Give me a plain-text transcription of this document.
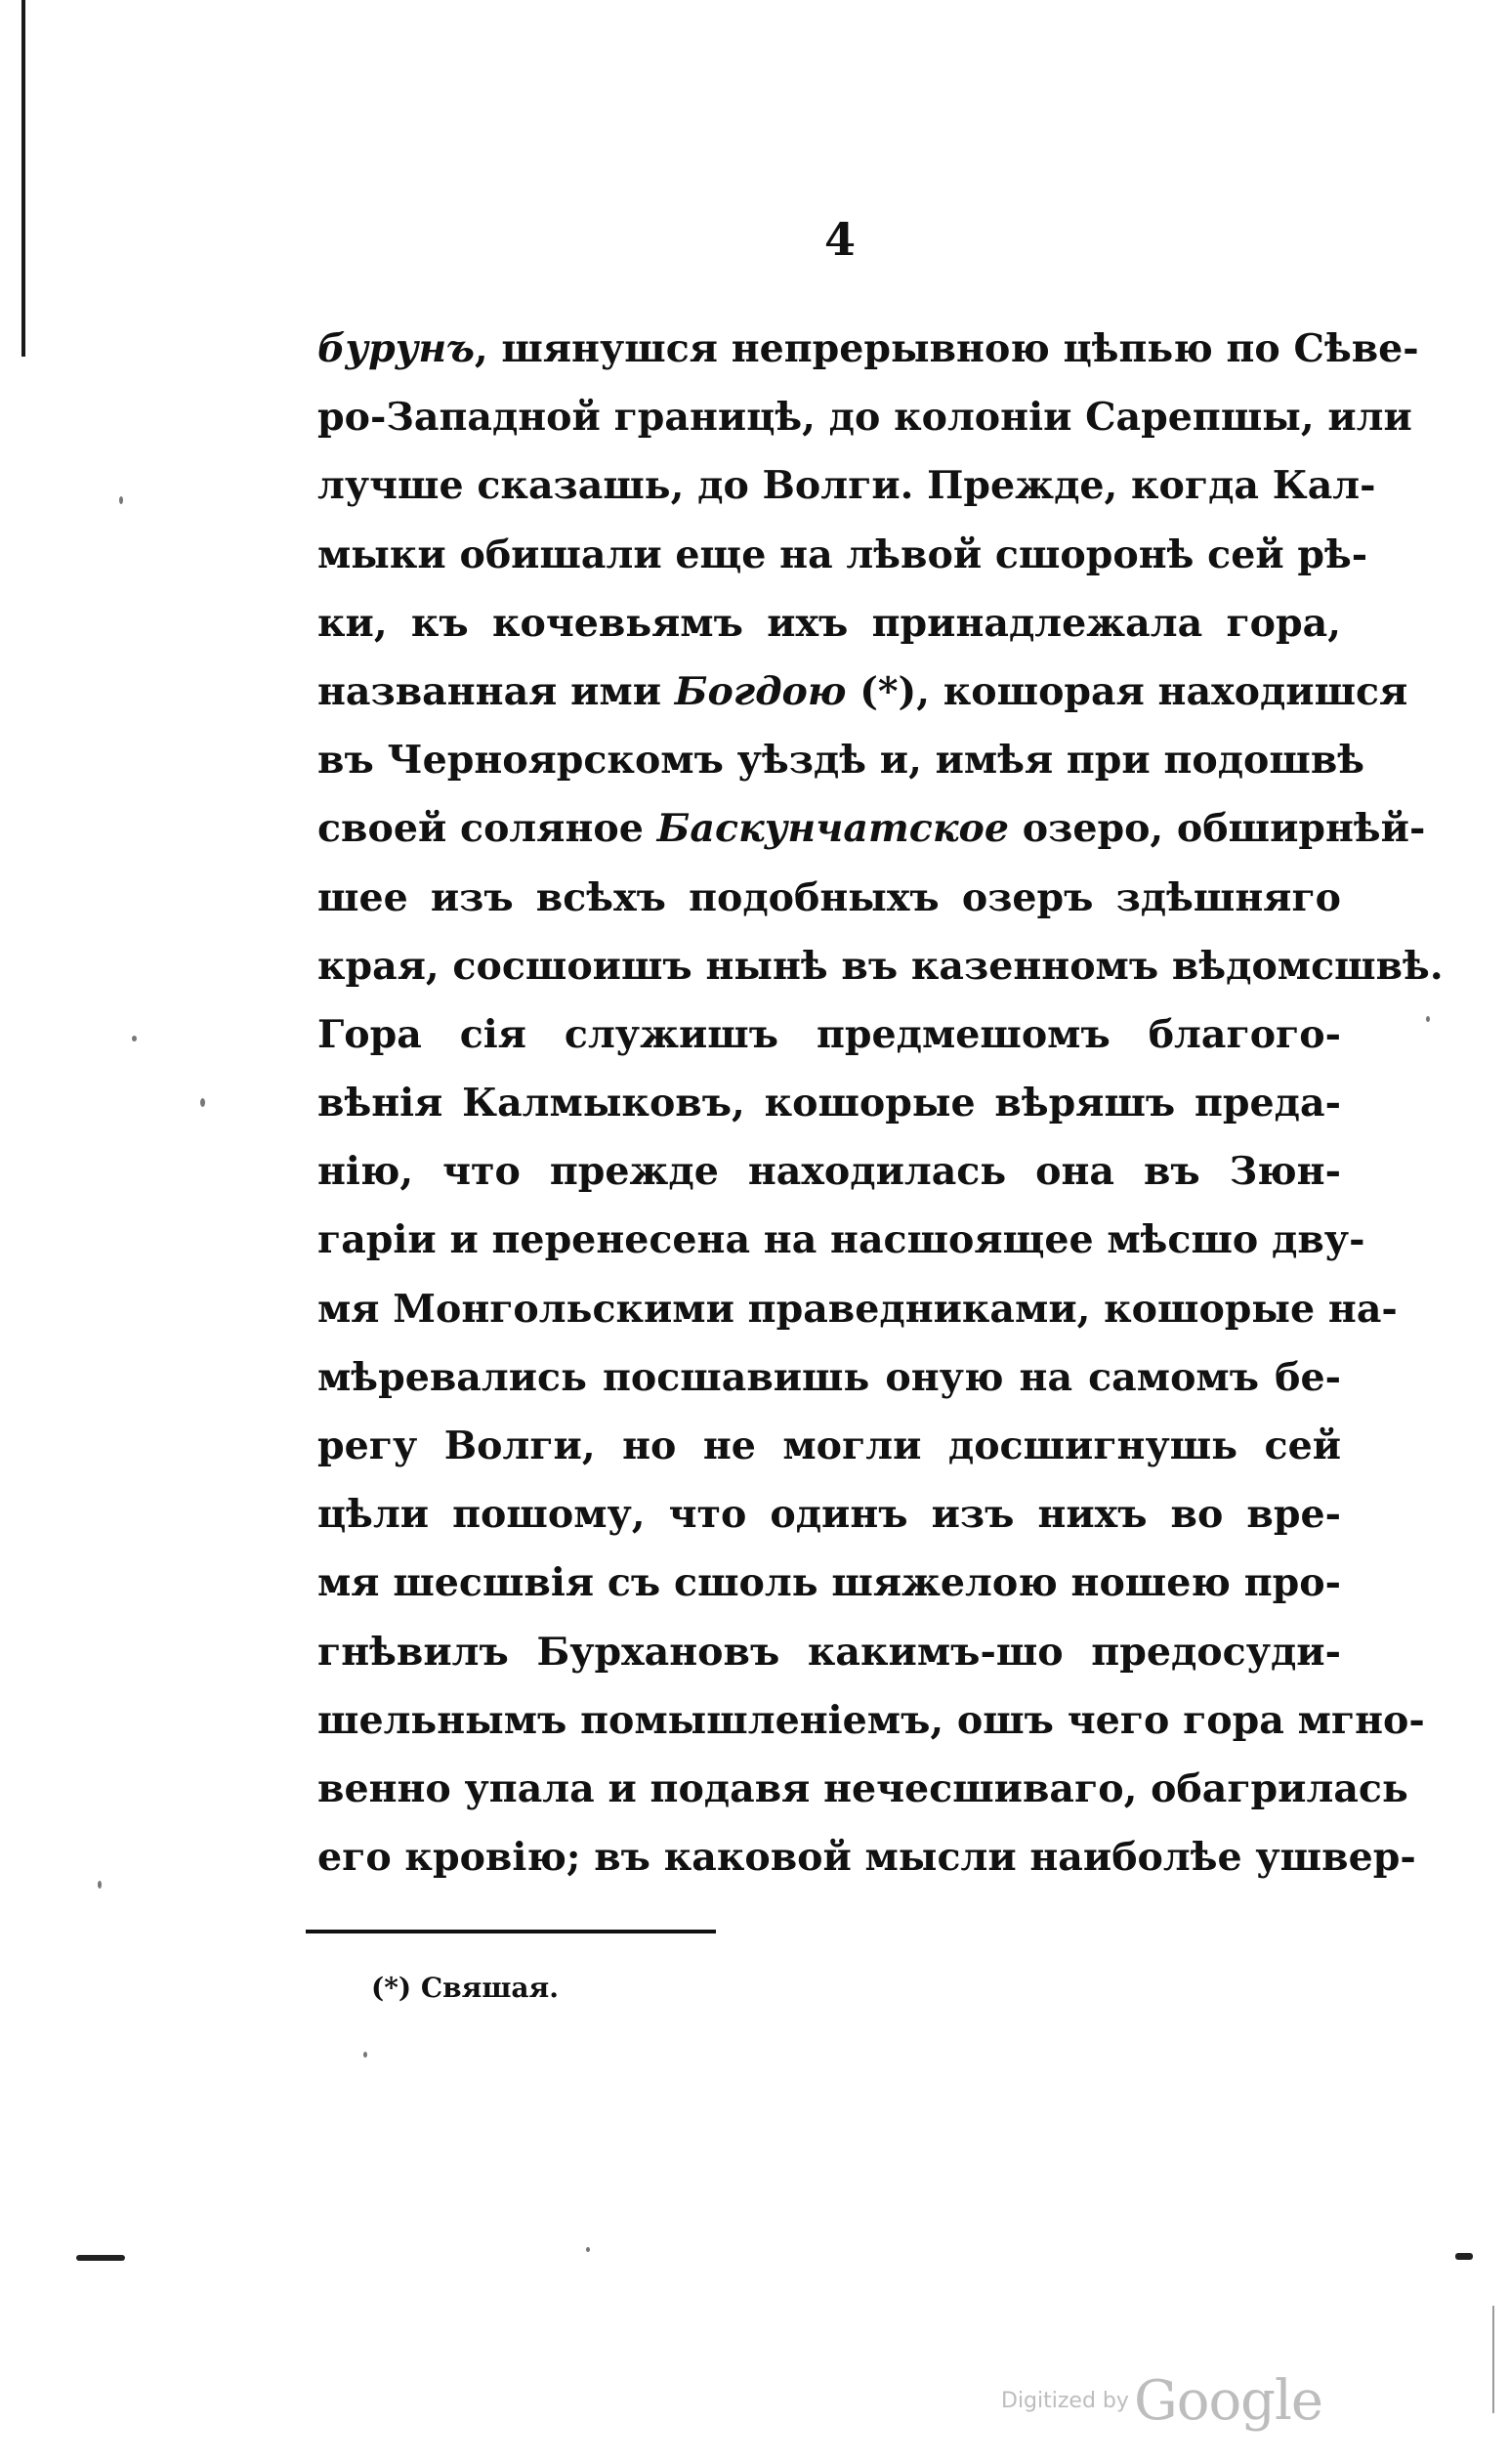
4
бурунъ, шянушся непрерывною цѣпью по Сѣве-
ро-Западной границѣ, до колоніи Сарепшы, или
лучше сказашь, до Волги. Прежде, когда Кал-
мыки обишали еще на лѣвой сшоронѣ сей рѣ-
ки, къ кочевьямъ ихъ принадлежала гора,
названная ими Богдою (*), кошорая находишся
въ Черноярскомъ уѣздѣ и, имѣя при подошвѣ
своей соляное Баскунчатское озеро, обширнѣй-
шее изъ всѣхъ подобныхъ озеръ здѣшняго
края, сосшоишъ нынѣ въ казенномъ вѣдомсшвѣ.
Гора сія служишъ предмешомъ благого-
вѣнія Калмыковъ, кошорые вѣряшъ преда-
нію, что прежде находилась она въ Зюн-
гаріи и перенесена на насшоящее мѣсшо дву-
мя Монгольскими праведниками, кошорые на-
мѣревались посшавишь оную на самомъ бе-
регу Волги, но не могли досшигнушь сей
цѣли пошому, что одинъ изъ нихъ во вре-
мя шесшвія съ сшоль шяжелою ношею про-
гнѣвилъ Бурхановъ какимъ-шо предосуди-
шельнымъ помышленіемъ, ошъ чего гора мгно-
венно упала и подавя нечесшиваго, обагрилась
его кровію; въ каковой мысли наиболѣе ушвер-
(*) Свяшая.
Digitized by Google
